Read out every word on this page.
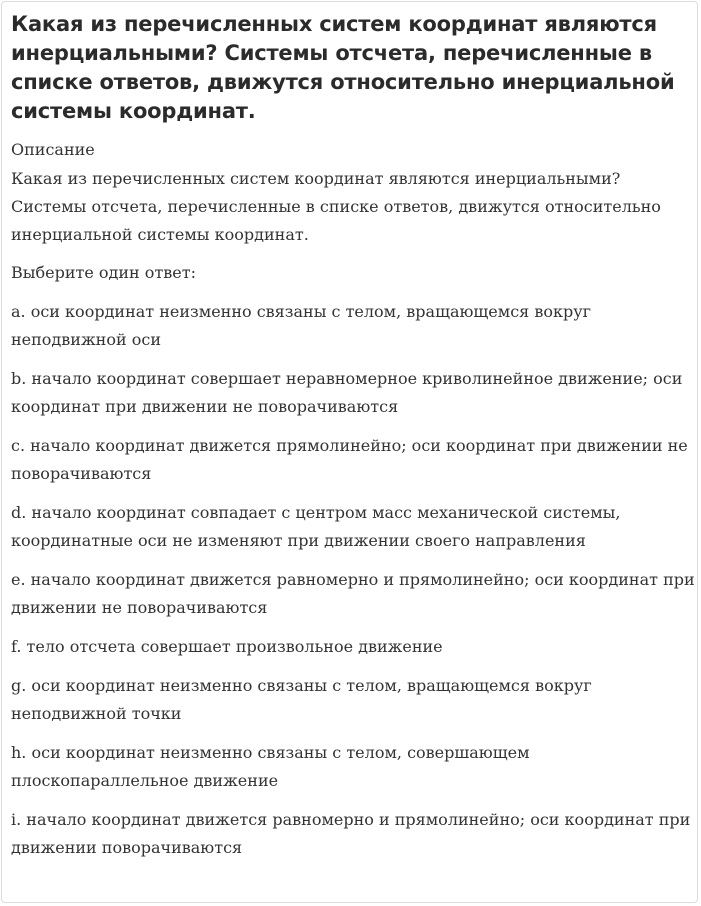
Какая из перечисленных систем координат являются инерциальными? Системы отсчета, перечисленные в списке ответов, движутся относительно инерциальной системы координат.
Описание

Какая из перечисленных систем координат являются инерциальными? Системы отсчета, перечисленные в списке ответов, движутся относительно инерциальной системы координат.

Выберите один ответ:
a. оси координат неизменно связаны с телом, вращающемся вокруг неподвижной оси
b. начало координат совершает неравномерное криволинейное движение; оси координат при движении не поворачиваются
c. начало координат движется прямолинейно; оси координат при движении не поворачиваются
d. начало координат совпадает с центром масс механической системы, координатные оси не изменяют при движении своего направления
e. начало координат движется равномерно и прямолинейно; оси координат при движении не поворачиваются
f. тело отсчета совершает произвольное движение
g. оси координат неизменно связаны с телом, вращающемся вокруг неподвижной точки
h. оси координат неизменно связаны с телом, совершающем плоскопараллельное движение
i. начало координат движется равномерно и прямолинейно; оси координат при движении поворачиваются
